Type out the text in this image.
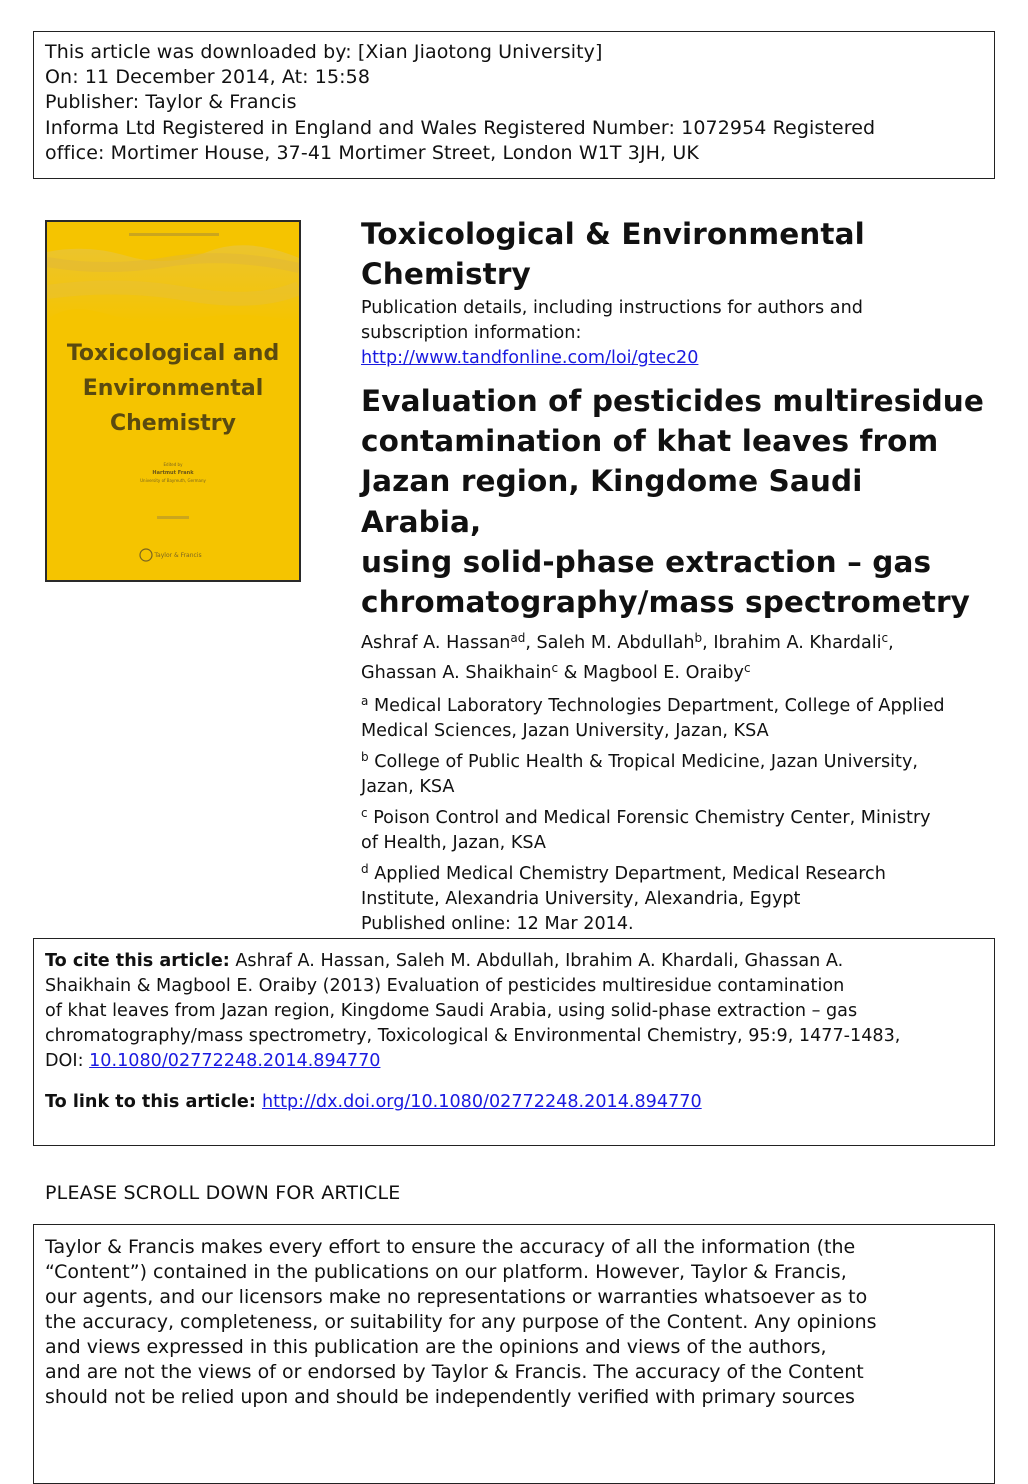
This article was downloaded by: [Xian Jiaotong University]
On: 11 December 2014, At: 15:58
Publisher: Taylor & Francis
Informa Ltd Registered in England and Wales Registered Number: 1072954 Registered
office: Mortimer House, 37-41 Mortimer Street, London W1T 3JH, UK
Toxicological and
Environmental
Chemistry
Edited by
Hartmut Frank
University of Bayreuth, Germany
Taylor & Francis
Toxicological & Environmental
Chemistry
Publication details, including instructions for authors and
subscription information:
http://www.tandfonline.com/loi/gtec20
Evaluation of pesticides multiresidue
contamination of khat leaves from
Jazan region, Kingdome Saudi Arabia,
using solid-phase extraction – gas
chromatography/mass spectrometry
Ashraf A. Hassan$^{ad}$, Saleh M. Abdullah$^b$, Ibrahim A. Khardali$^c$,
Ghassan A. Shaikhain$^c$ & Magbool E. Oraiby$^c$
$^a$ Medical Laboratory Technologies Department, College of Applied
Medical Sciences, Jazan University, Jazan, KSA
$^b$ College of Public Health & Tropical Medicine, Jazan University,
Jazan, KSA
$^c$ Poison Control and Medical Forensic Chemistry Center, Ministry
of Health, Jazan, KSA
$^d$ Applied Medical Chemistry Department, Medical Research
Institute, Alexandria University, Alexandria, Egypt
Published online: 12 Mar 2014.
To cite this article: Ashraf A. Hassan, Saleh M. Abdullah, Ibrahim A. Khardali, Ghassan A.
Shaikhain & Magbool E. Oraiby (2013) Evaluation of pesticides multiresidue contamination
of khat leaves from Jazan region, Kingdome Saudi Arabia, using solid-phase extraction – gas
chromatography/mass spectrometry, Toxicological & Environmental Chemistry, 95:9, 1477-1483,
DOI: 10.1080/02772248.2014.894770
To link to this article: http://dx.doi.org/10.1080/02772248.2014.894770
PLEASE SCROLL DOWN FOR ARTICLE
Taylor & Francis makes every effort to ensure the accuracy of all the information (the
“Content”) contained in the publications on our platform. However, Taylor & Francis,
our agents, and our licensors make no representations or warranties whatsoever as to
the accuracy, completeness, or suitability for any purpose of the Content. Any opinions
and views expressed in this publication are the opinions and views of the authors,
and are not the views of or endorsed by Taylor & Francis. The accuracy of the Content
should not be relied upon and should be independently verified with primary sources
